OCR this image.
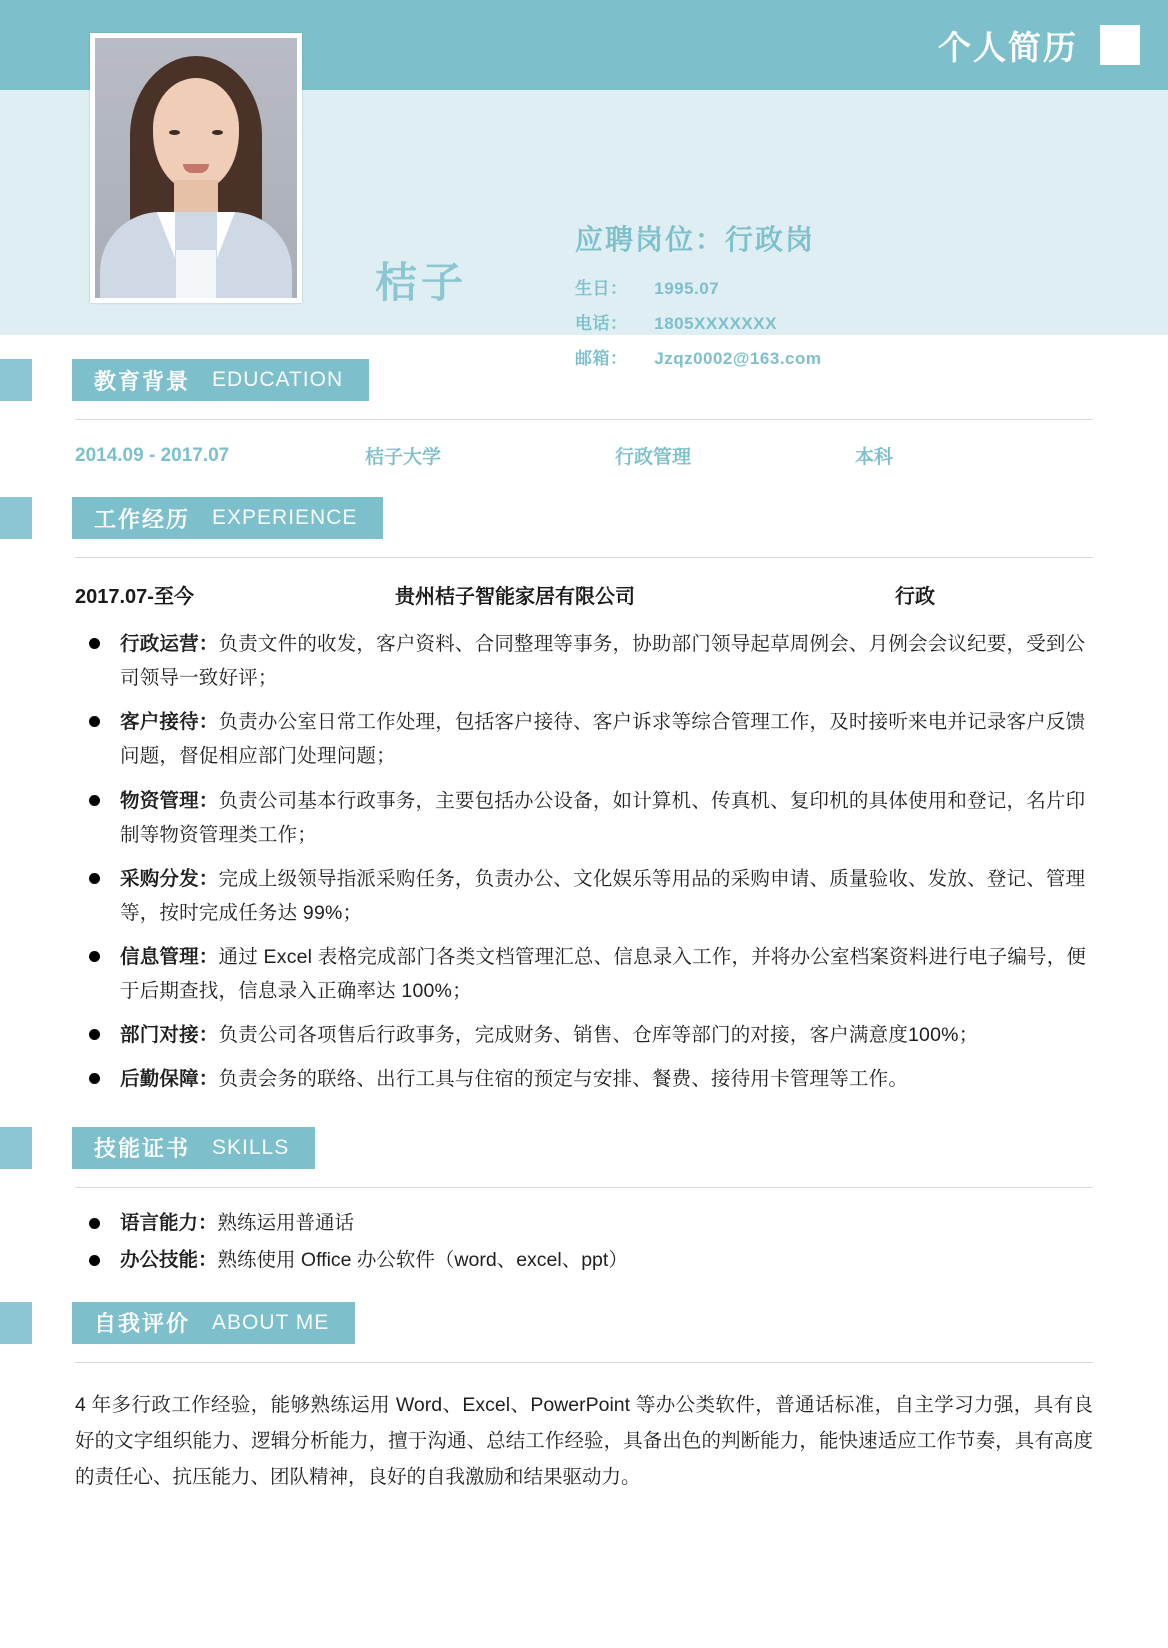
个人简历
桔子
应聘岗位：行政岗
生日： 1995.07
电话： 1805XXXXXXX
邮箱： Jzqz0002@163.com
教育背景 EDUCATION
2014.09 - 2017.07	桔子大学	行政管理	本科
工作经历 EXPERIENCE
2017.07-至今	贵州桔子智能家居有限公司	行政
行政运营：负责文件的收发，客户资料、合同整理等事务，协助部门领导起草周例会、月例会会议纪要，受到公司领导一致好评；
客户接待：负责办公室日常工作处理，包括客户接待、客户诉求等综合管理工作，及时接听来电并记录客户反馈问题，督促相应部门处理问题；
物资管理：负责公司基本行政事务，主要包括办公设备，如计算机、传真机、复印机的具体使用和登记，名片印制等物资管理类工作；
采购分发：完成上级领导指派采购任务，负责办公、文化娱乐等用品的采购申请、质量验收、发放、登记、管理等，按时完成任务达 99%；
信息管理：通过 Excel 表格完成部门各类文档管理汇总、信息录入工作，并将办公室档案资料进行电子编号，便于后期查找，信息录入正确率达 100%；
部门对接：负责公司各项售后行政事务，完成财务、销售、仓库等部门的对接，客户满意度100%；
后勤保障：负责会务的联络、出行工具与住宿的预定与安排、餐费、接待用卡管理等工作。
技能证书 SKILLS
语言能力：熟练运用普通话
办公技能：熟练使用 Office 办公软件（word、excel、ppt）
自我评价 ABOUT ME
4 年多行政工作经验，能够熟练运用 Word、Excel、PowerPoint 等办公类软件，普通话标准，自主学习力强，具有良好的文字组织能力、逻辑分析能力，擅于沟通、总结工作经验，具备出色的判断能力，能快速适应工作节奏，具有高度的责任心、抗压能力、团队精神，良好的自我激励和结果驱动力。
